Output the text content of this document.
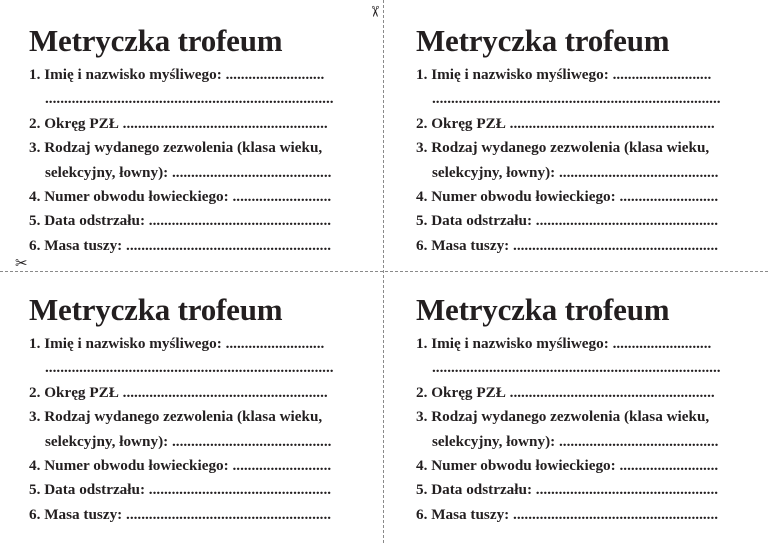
✂
✂
Metryczka trofeum
1. Imię i nazwisko myśliwego: ..........................
............................................................................
2. Okręg PZŁ ......................................................
3. Rodzaj wydanego zezwolenia (klasa wieku,
selekcyjny, łowny): ..........................................
4. Numer obwodu łowieckiego: ..........................
5. Data odstrzału: ................................................
6. Masa tuszy: ......................................................
Metryczka trofeum
1. Imię i nazwisko myśliwego: ..........................
............................................................................
2. Okręg PZŁ ......................................................
3. Rodzaj wydanego zezwolenia (klasa wieku,
selekcyjny, łowny): ..........................................
4. Numer obwodu łowieckiego: ..........................
5. Data odstrzału: ................................................
6. Masa tuszy: ......................................................
Metryczka trofeum
1. Imię i nazwisko myśliwego: ..........................
............................................................................
2. Okręg PZŁ ......................................................
3. Rodzaj wydanego zezwolenia (klasa wieku,
selekcyjny, łowny): ..........................................
4. Numer obwodu łowieckiego: ..........................
5. Data odstrzału: ................................................
6. Masa tuszy: ......................................................
Metryczka trofeum
1. Imię i nazwisko myśliwego: ..........................
............................................................................
2. Okręg PZŁ ......................................................
3. Rodzaj wydanego zezwolenia (klasa wieku,
selekcyjny, łowny): ..........................................
4. Numer obwodu łowieckiego: ..........................
5. Data odstrzału: ................................................
6. Masa tuszy: ......................................................
